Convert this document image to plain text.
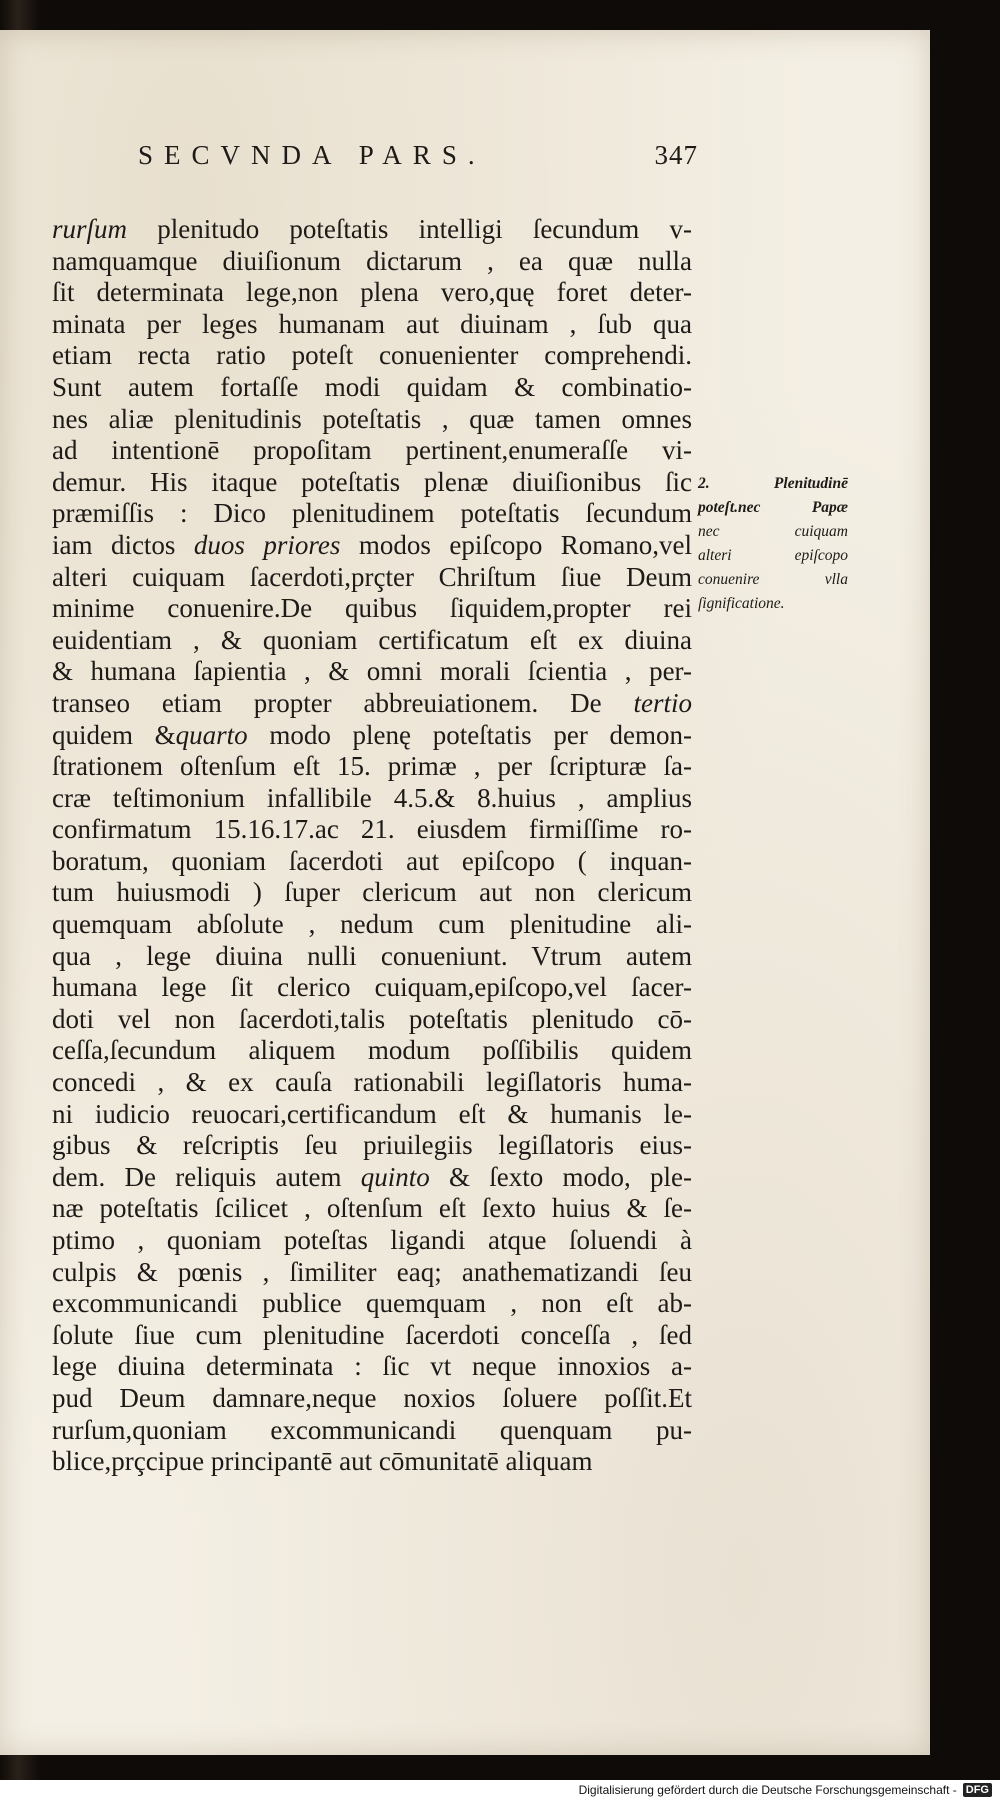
SECVNDA PARS.	347
rurſum plenitudo poteſtatis intelligi ſecundum v-
namquamque diuiſionum dictarum , ea quæ nulla
ſit determinata lege,non plena vero,quę foret deter-
minata per leges humanam aut diuinam , ſub qua
etiam recta ratio poteſt conuenienter comprehendi.
Sunt autem fortaſſe modi quidam & combinatio-
nes aliæ plenitudinis poteſtatis , quæ tamen omnes
ad intentionē propoſitam pertinent,enumeraſſe vi-
demur. His itaque poteſtatis plenæ diuiſionibus ſic
præmiſſis : Dico plenitudinem poteſtatis ſecundum
iam dictos duos priores modos epiſcopo Romano,vel
alteri cuiquam ſacerdoti,prçter Chriſtum ſiue Deum
minime conuenire.De quibus ſiquidem,propter rei
euidentiam , & quoniam certificatum eſt ex diuina
& humana ſapientia , & omni morali ſcientia , per-
transeo etiam propter abbreuiationem. De tertio
quidem &quarto modo plenę poteſtatis per demon-
ſtrationem oſtenſum eſt 15. primæ , per ſcripturæ ſa-
cræ teſtimonium infallibile 4.5.& 8.huius , amplius
confirmatum 15.16.17.ac 21. eiusdem firmiſſime ro-
boratum, quoniam ſacerdoti aut epiſcopo ( inquan-
tum huiusmodi ) ſuper clericum aut non clericum
quemquam abſolute , nedum cum plenitudine ali-
qua , lege diuina nulli conueniunt. Vtrum autem
humana lege ſit clerico cuiquam,epiſcopo,vel ſacer-
doti vel non ſacerdoti,talis poteſtatis plenitudo cō-
ceſſa,ſecundum aliquem modum poſſibilis quidem
concedi , & ex cauſa rationabili legiſlatoris huma-
ni iudicio reuocari,certificandum eſt & humanis le-
gibus & reſcriptis ſeu priuilegiis legiſlatoris eius-
dem. De reliquis autem quinto & ſexto modo, ple-
næ poteſtatis ſcilicet , oſtenſum eſt ſexto huius & ſe-
ptimo , quoniam poteſtas ligandi atque ſoluendi à
culpis & pœnis , ſimiliter eaq; anathematizandi ſeu
excommunicandi publice quemquam , non eſt ab-
ſolute ſiue cum plenitudine ſacerdoti conceſſa , ſed
lege diuina determinata : ſic vt neque innoxios a-
pud Deum damnare,neque noxios ſoluere poſſit.Et
rurſum,quoniam excommunicandi quenquam pu-
blice,prçcipue principantē aut cōmunitatē aliquam
2. Plenitudinē
poteſt.nec Papæ
nec cuiquam
alteri epiſcopo
conuenire vlla
ſignificatione.
Digitalisierung gefördert durch die Deutsche Forschungsgemeinschaft - DFG
